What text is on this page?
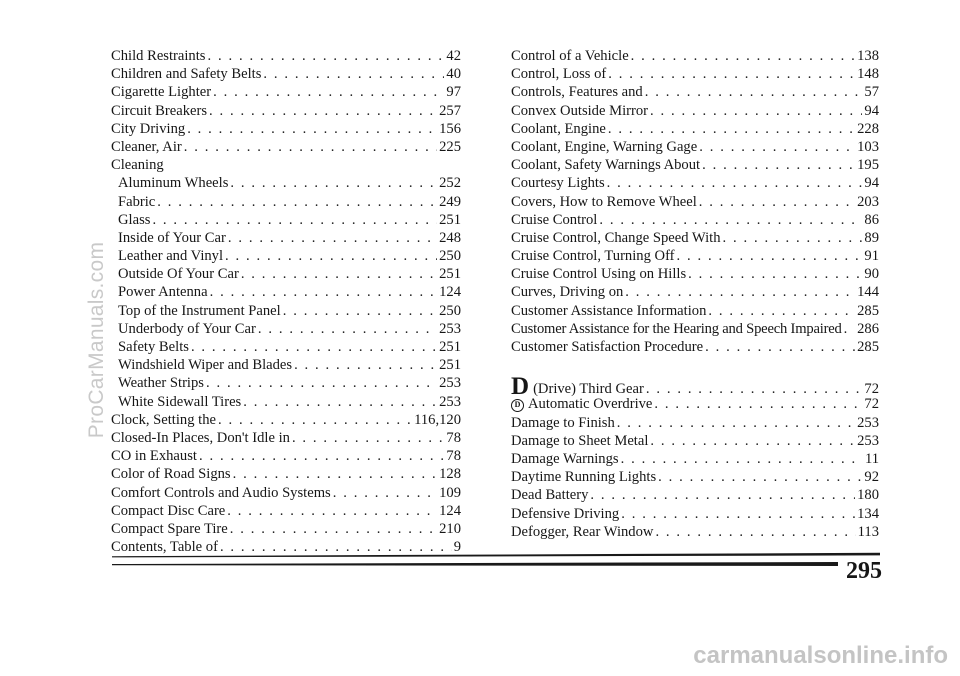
Child Restraints . . .	42
Children and Safety Belts . . .	40
Cigarette Lighter . . .	97
Circuit Breakers . . .	257
City Driving . . .	156
Cleaner, Air . . .	225
Cleaning
Aluminum Wheels . . .	252
Fabric . . .	249
Glass . . .	251
Inside of Your Car . . .	248
Leather and Vinyl . . .	250
Outside Of Your Car . . .	251
Power Antenna . . .	124
Top of the Instrument Panel . . .	250
Underbody of Your Car . . .	253
Safety Belts . . .	251
Windshield Wiper and Blades . . .	251
Weather Strips . . .	253
White Sidewall Tires . . .	253
Clock, Setting the . . .	116,120
Closed-In Places, Don't Idle in . . .	78
CO in Exhaust . . .	78
Color of Road Signs . . .	128
Comfort Controls and Audio Systems . . .	109
Compact Disc Care . . .	124
Compact Spare Tire . . .	210
Contents, Table of . . .	9
Control of a Vehicle . . .	138
Control, Loss of . . .	148
Controls, Features and . . .	57
Convex Outside Mirror . . .	94
Coolant, Engine . . .	228
Coolant, Engine, Warning Gage . . .	103
Coolant, Safety Warnings About . . .	195
Courtesy Lights . . .	94
Covers, How to Remove Wheel . . .	203
Cruise Control . . .	86
Cruise Control, Change Speed With . . .	89
Cruise Control, Turning Off . . .	91
Cruise Control Using on Hills . . .	90
Curves, Driving on . . .	144
Customer Assistance Information . . .	285
Customer Assistance for the Hearing and Speech Impaired . . . 286
Customer Satisfaction Procedure . . .	285
D (Drive) Third Gear . . .	72
D Automatic Overdrive . . .	72
Damage to Finish . . .	253
Damage to Sheet Metal . . .	253
Damage Warnings . . .	11
Daytime Running Lights . . .	92
Dead Battery . . .	180
Defensive Driving . . .	134
Defogger, Rear Window . . .	113
295
ProCarManuals.com
carmanualsonline.info
